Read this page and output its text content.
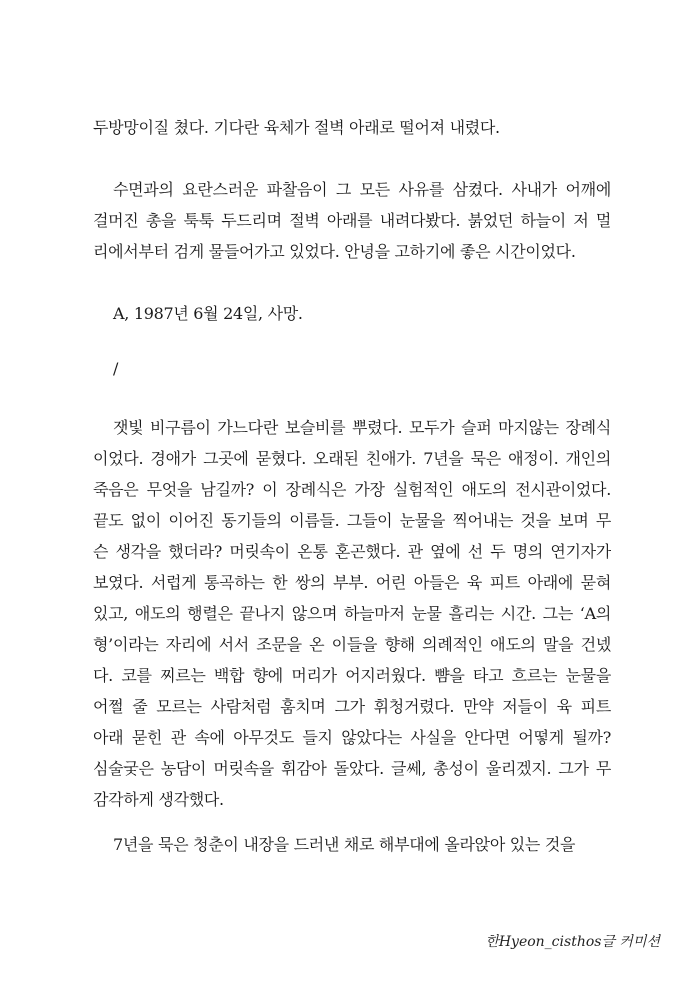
두방망이질 쳤다. 기다란 육체가 절벽 아래로 떨어져 내렸다.
수면과의 요란스러운 파찰음이 그 모든 사유를 삼켰다. 사내가 어깨에
걸머진 총을 툭툭 두드리며 절벽 아래를 내려다봤다. 붉었던 하늘이 저 멀
리에서부터 검게 물들어가고 있었다. 안녕을 고하기에 좋은 시간이었다.
A, 1987년 6월 24일, 사망.
/
잿빛 비구름이 가느다란 보슬비를 뿌렸다. 모두가 슬퍼 마지않는 장례식
이었다. 경애가 그곳에 묻혔다. 오래된 친애가. 7년을 묵은 애정이. 개인의
죽음은 무엇을 남길까? 이 장례식은 가장 실험적인 애도의 전시관이었다.
끝도 없이 이어진 동기들의 이름들. 그들이 눈물을 찍어내는 것을 보며 무
슨 생각을 했더라? 머릿속이 온통 혼곤했다. 관 옆에 선 두 명의 연기자가
보였다. 서럽게 통곡하는 한 쌍의 부부. 어린 아들은 육 피트 아래에 묻혀
있고, 애도의 행렬은 끝나지 않으며 하늘마저 눈물 흘리는 시간. 그는 ‘A의
형’이라는 자리에 서서 조문을 온 이들을 향해 의례적인 애도의 말을 건넸
다. 코를 찌르는 백합 향에 머리가 어지러웠다. 뺨을 타고 흐르는 눈물을
어쩔 줄 모르는 사람처럼 훔치며 그가 휘청거렸다. 만약 저들이 육 피트
아래 묻힌 관 속에 아무것도 들지 않았다는 사실을 안다면 어떻게 될까?
심술궂은 농담이 머릿속을 휘감아 돌았다. 글쎄, 총성이 울리겠지. 그가 무
감각하게 생각했다.
7년을 묵은 청춘이 내장을 드러낸 채로 해부대에 올라앉아 있는 것을
한Hyeon_cisthos글 커미션
